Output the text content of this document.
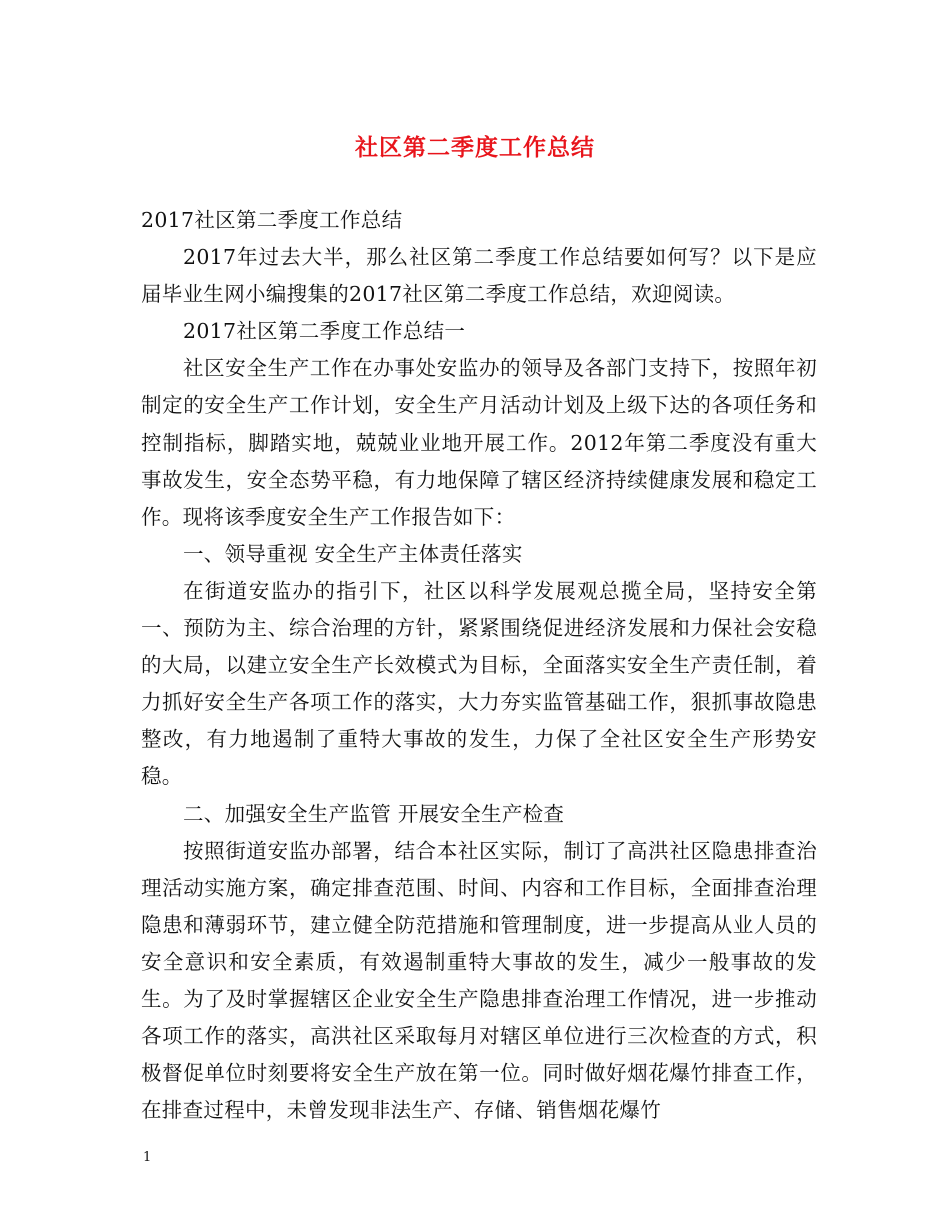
社区第二季度工作总结

2017社区第二季度工作总结

2017年过去大半，那么社区第二季度工作总结要如何写？以下是应届毕业生网小编搜集的2017社区第二季度工作总结，欢迎阅读。

2017社区第二季度工作总结一

社区安全生产工作在办事处安监办的领导及各部门支持下，按照年初制定的安全生产工作计划，安全生产月活动计划及上级下达的各项任务和控制指标，脚踏实地，兢兢业业地开展工作。2012年第二季度没有重大事故发生，安全态势平稳，有力地保障了辖区经济持续健康发展和稳定工作。现将该季度安全生产工作报告如下：

一、领导重视 安全生产主体责任落实

在街道安监办的指引下，社区以科学发展观总揽全局，坚持安全第一、预防为主、综合治理的方针，紧紧围绕促进经济发展和力保社会安稳的大局，以建立安全生产长效模式为目标，全面落实安全生产责任制，着力抓好安全生产各项工作的落实，大力夯实监管基础工作，狠抓事故隐患整改，有力地遏制了重特大事故的发生，力保了全社区安全生产形势安稳。

二、加强安全生产监管 开展安全生产检查

按照街道安监办部署，结合本社区实际，制订了高洪社区隐患排查治理活动实施方案，确定排查范围、时间、内容和工作目标，全面排查治理隐患和薄弱环节，建立健全防范措施和管理制度，进一步提高从业人员的安全意识和安全素质，有效遏制重特大事故的发生，减少一般事故的发生。为了及时掌握辖区企业安全生产隐患排查治理工作情况，进一步推动各项工作的落实，高洪社区采取每月对辖区单位进行三次检查的方式，积极督促单位时刻要将安全生产放在第一位。同时做好烟花爆竹排查工作，在排查过程中，未曾发现非法生产、存储、销售烟花爆竹

1
